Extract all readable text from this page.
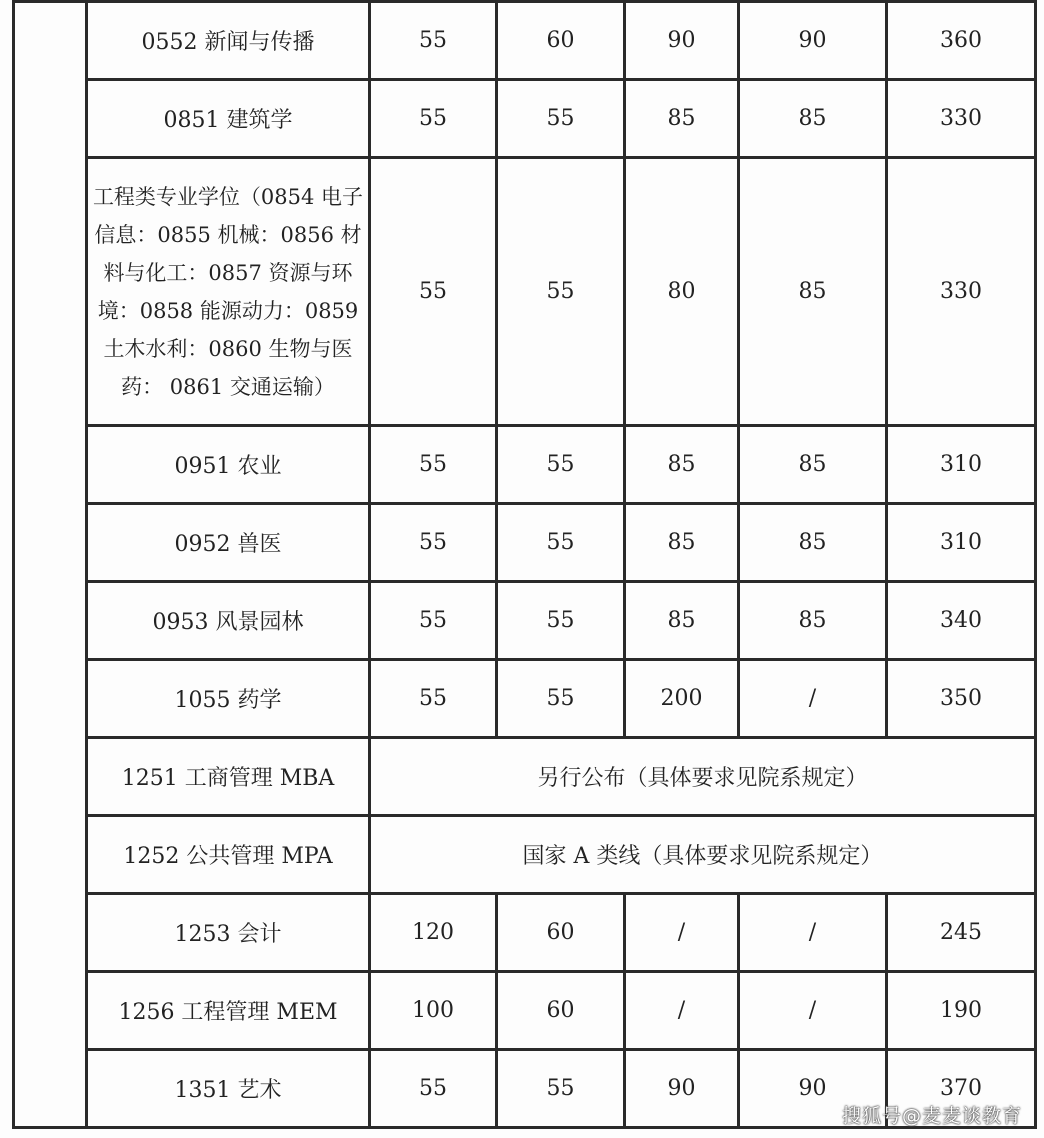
	0552 新闻与传播	55	60	90	90	360
	0851 建筑学	55	55	85	85	330
	工程类专业学位（0854 电子信息：0855 机械：0856 材料与化工：0857 资源与环境：0858 能源动力：0859 土木水利：0860 生物与医药： 0861 交通运输）	55	55	80	85	330
	0951 农业	55	55	85	85	310
	0952 兽医	55	55	85	85	310
	0953 风景园林	55	55	85	85	340
	1055 药学	55	55	200	/	350
	1251 工商管理 MBA	另行公布（具体要求见院系规定）				
	1252 公共管理 MPA	国家 A 类线（具体要求见院系规定）				
	1253 会计	120	60	/	/	245
	1256 工程管理 MEM	100	60	/	/	190
	1351 艺术	55	55	90	90	370
搜狐号@麦麦谈教育
